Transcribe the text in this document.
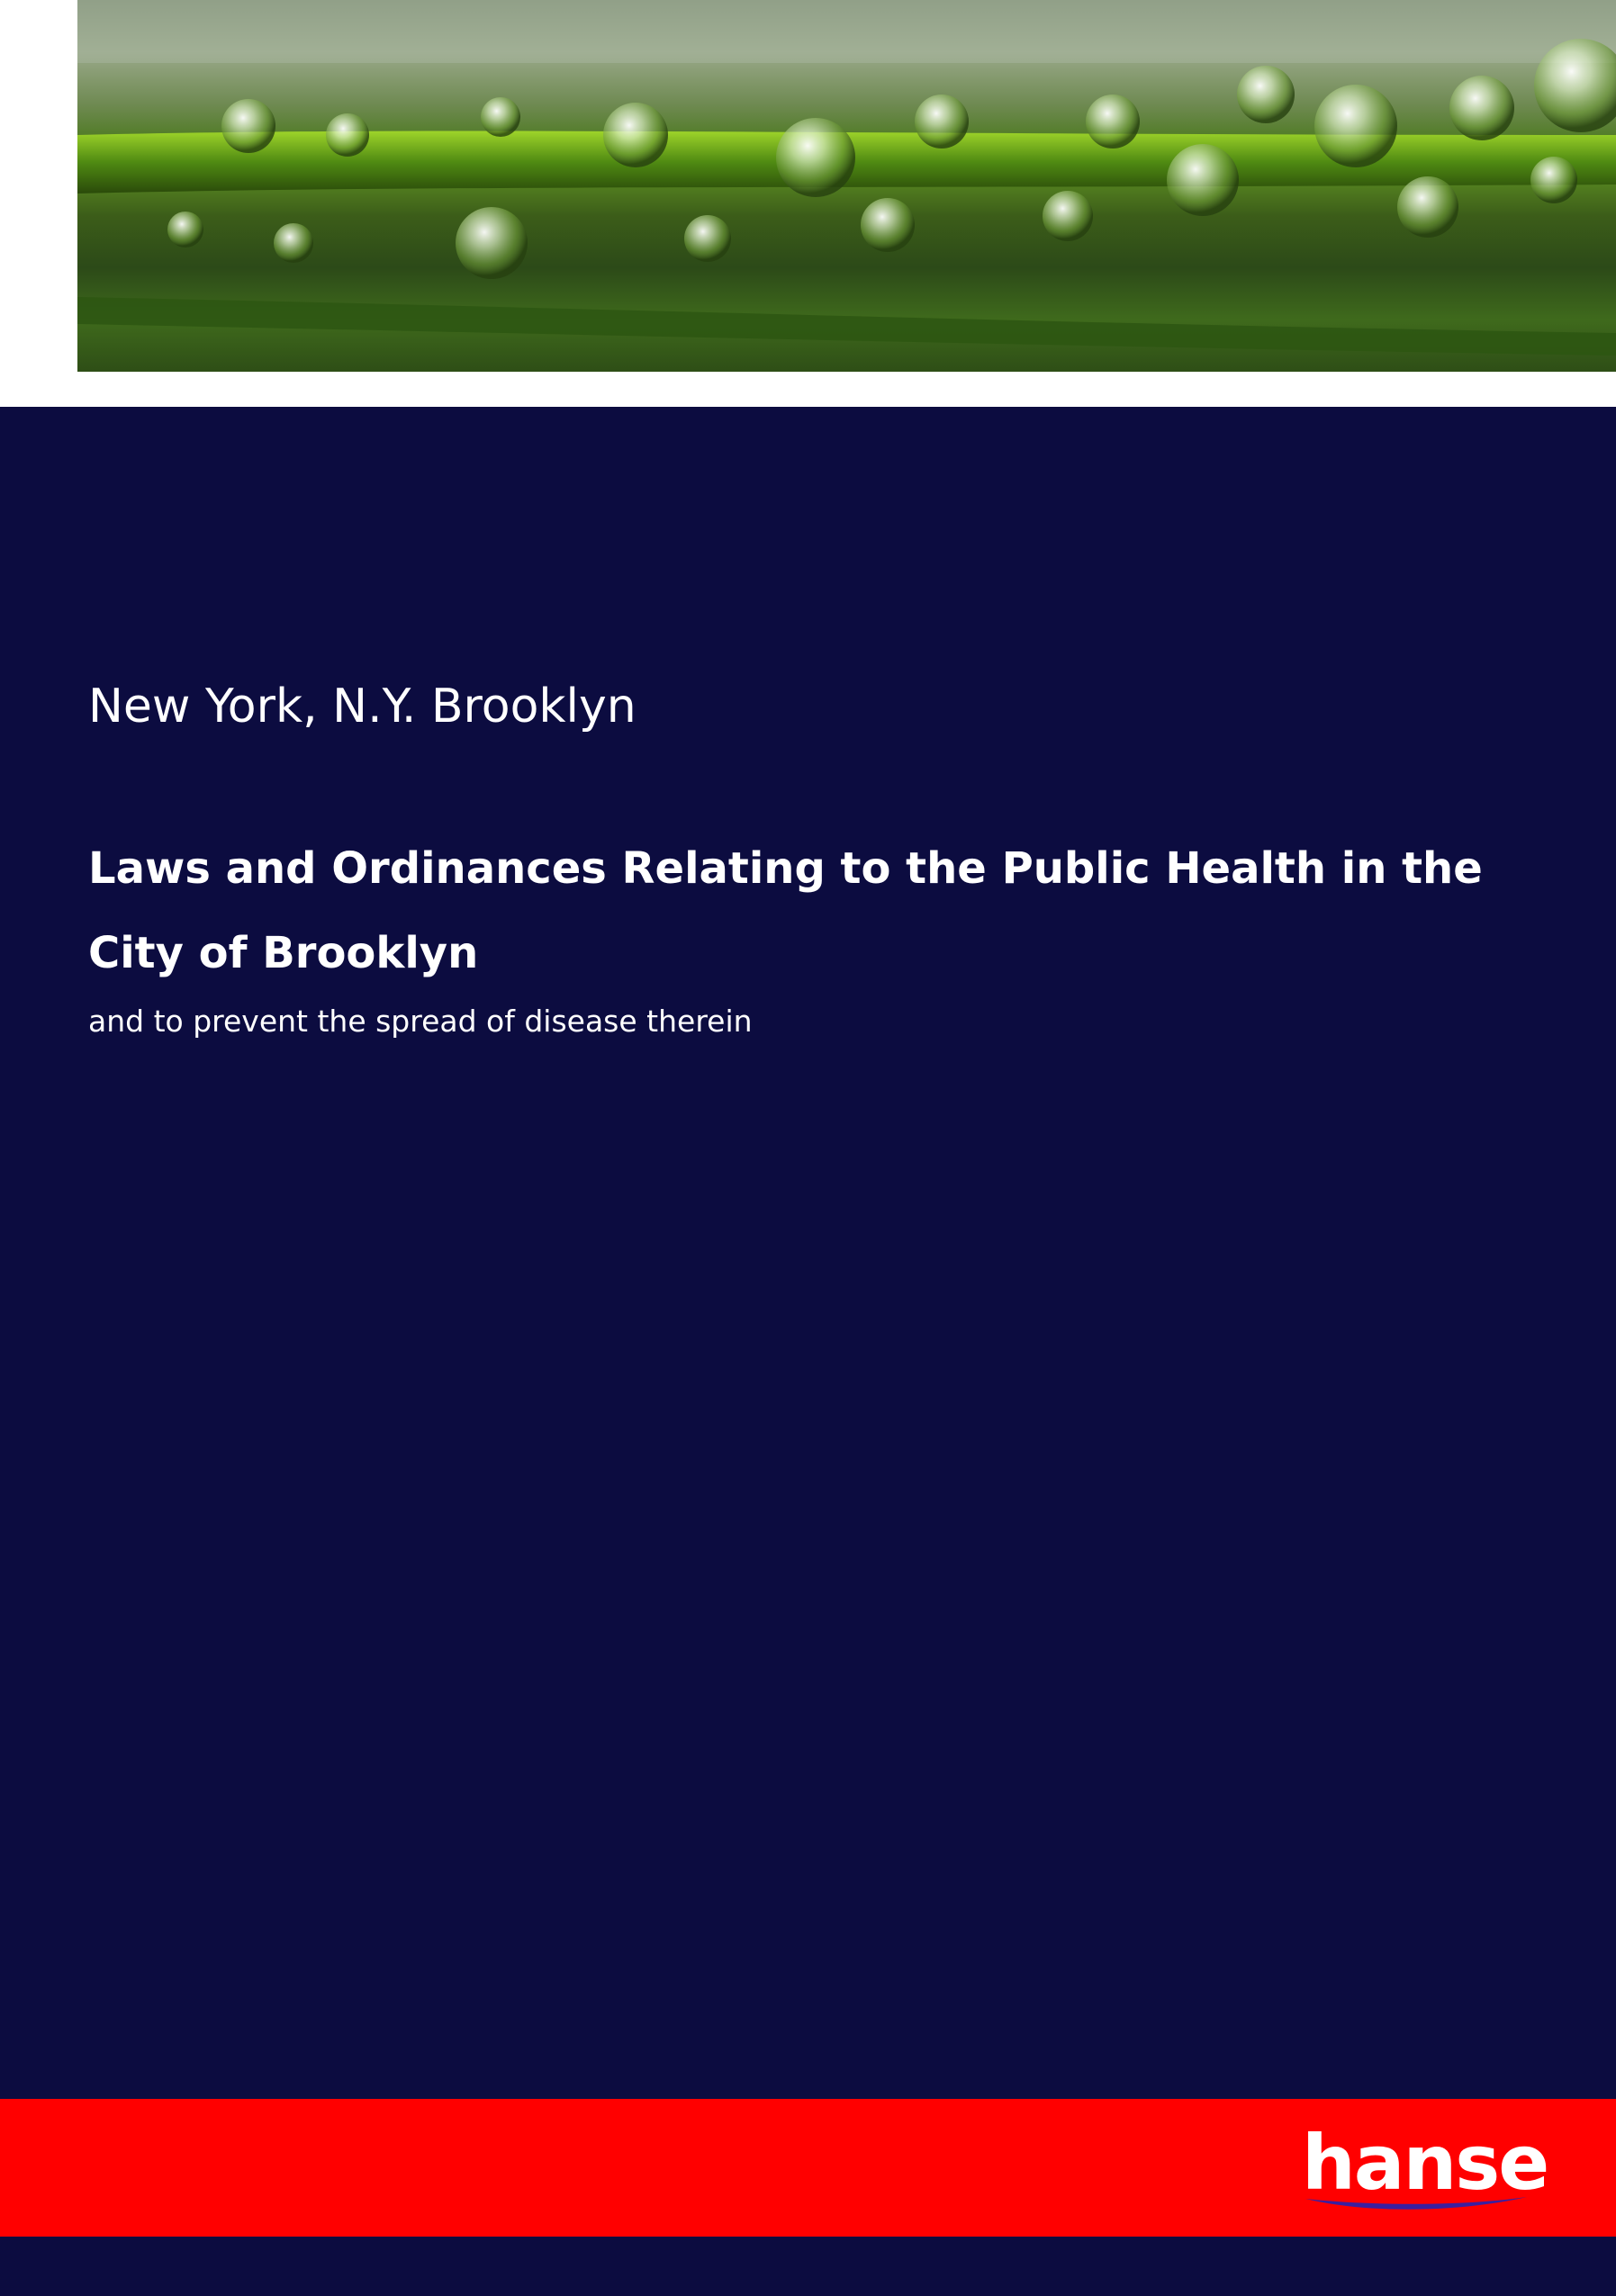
New York, N.Y. Brooklyn
Laws and Ordinances Relating to the Public Health in the City of Brooklyn

and to prevent the spread of disease therein

hanse
